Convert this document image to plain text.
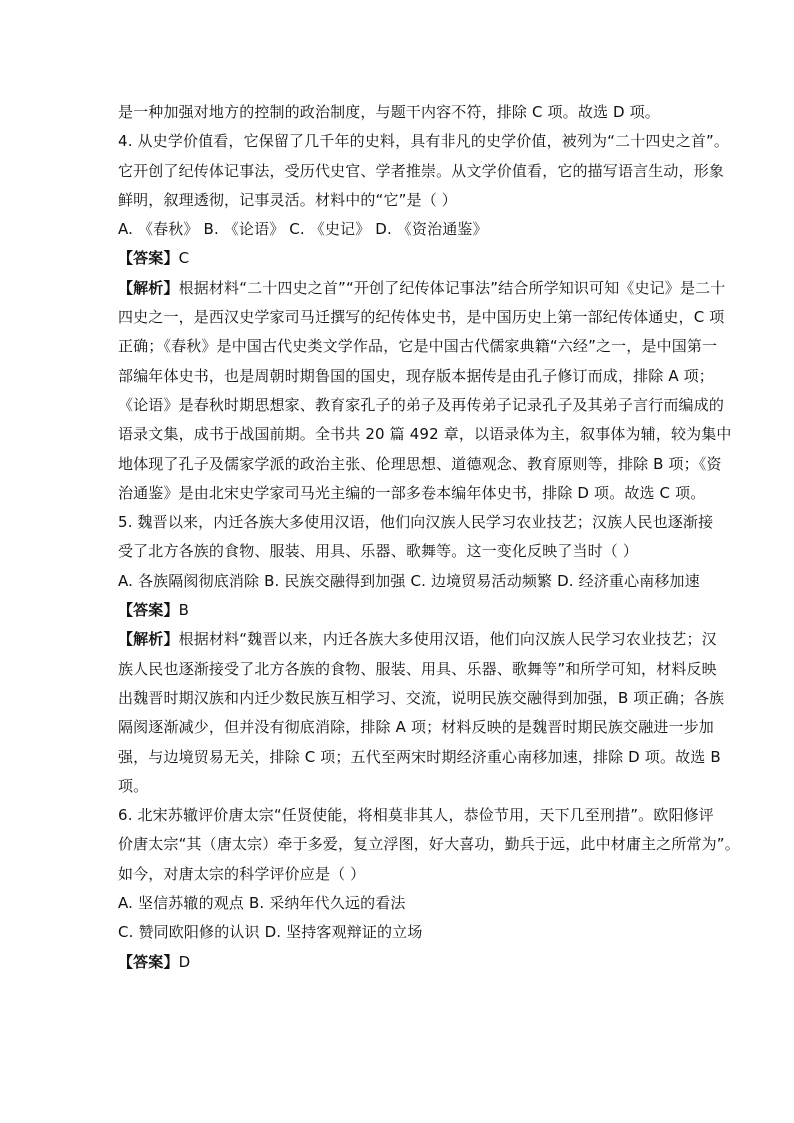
是一种加强对地方的控制的政治制度，与题干内容不符，排除 C 项。故选 D 项。
4. 从史学价值看，它保留了几千年的史料，具有非凡的史学价值，被列为“二十四史之首”。
它开创了纪传体记事法，受历代史官、学者推崇。从文学价值看，它的描写语言生动，形象
鲜明，叙理透彻，记事灵活。材料中的“它”是（ ）
A. 《春秋》 B. 《论语》 C. 《史记》 D. 《资治通鉴》
【答案】C
【解析】根据材料“二十四史之首”“开创了纪传体记事法”结合所学知识可知《史记》是二十
四史之一，是西汉史学家司马迁撰写的纪传体史书，是中国历史上第一部纪传体通史，C 项
正确；《春秋》是中国古代史类文学作品，它是中国古代儒家典籍“六经”之一，是中国第一
部编年体史书，也是周朝时期鲁国的国史，现存版本据传是由孔子修订而成，排除 A 项；
《论语》是春秋时期思想家、教育家孔子的弟子及再传弟子记录孔子及其弟子言行而编成的
语录文集，成书于战国前期。全书共 20 篇 492 章，以语录体为主，叙事体为辅，较为集中
地体现了孔子及儒家学派的政治主张、伦理思想、道德观念、教育原则等，排除 B 项；《资
治通鉴》是由北宋史学家司马光主编的一部多卷本编年体史书，排除 D 项。故选 C 项。
5. 魏晋以来，内迁各族大多使用汉语，他们向汉族人民学习农业技艺；汉族人民也逐渐接
受了北方各族的食物、服装、用具、乐器、歌舞等。这一变化反映了当时（ ）
A. 各族隔阂彻底消除 B. 民族交融得到加强 C. 边境贸易活动频繁 D. 经济重心南移加速
【答案】B
【解析】根据材料“魏晋以来，内迁各族大多使用汉语，他们向汉族人民学习农业技艺；汉
族人民也逐渐接受了北方各族的食物、服装、用具、乐器、歌舞等”和所学可知，材料反映
出魏晋时期汉族和内迁少数民族互相学习、交流，说明民族交融得到加强，B 项正确；各族
隔阂逐渐减少，但并没有彻底消除，排除 A 项；材料反映的是魏晋时期民族交融进一步加
强，与边境贸易无关，排除 C 项；五代至两宋时期经济重心南移加速，排除 D 项。故选 B
项。
6. 北宋苏辙评价唐太宗“任贤使能，将相莫非其人，恭俭节用，天下几至刑措”。欧阳修评
价唐太宗“其（唐太宗）牵于多爱，复立浮图，好大喜功，勤兵于远，此中材庸主之所常为”。
如今，对唐太宗的科学评价应是（ ）
A. 坚信苏辙的观点 B. 采纳年代久远的看法
C. 赞同欧阳修的认识 D. 坚持客观辩证的立场
【答案】D
